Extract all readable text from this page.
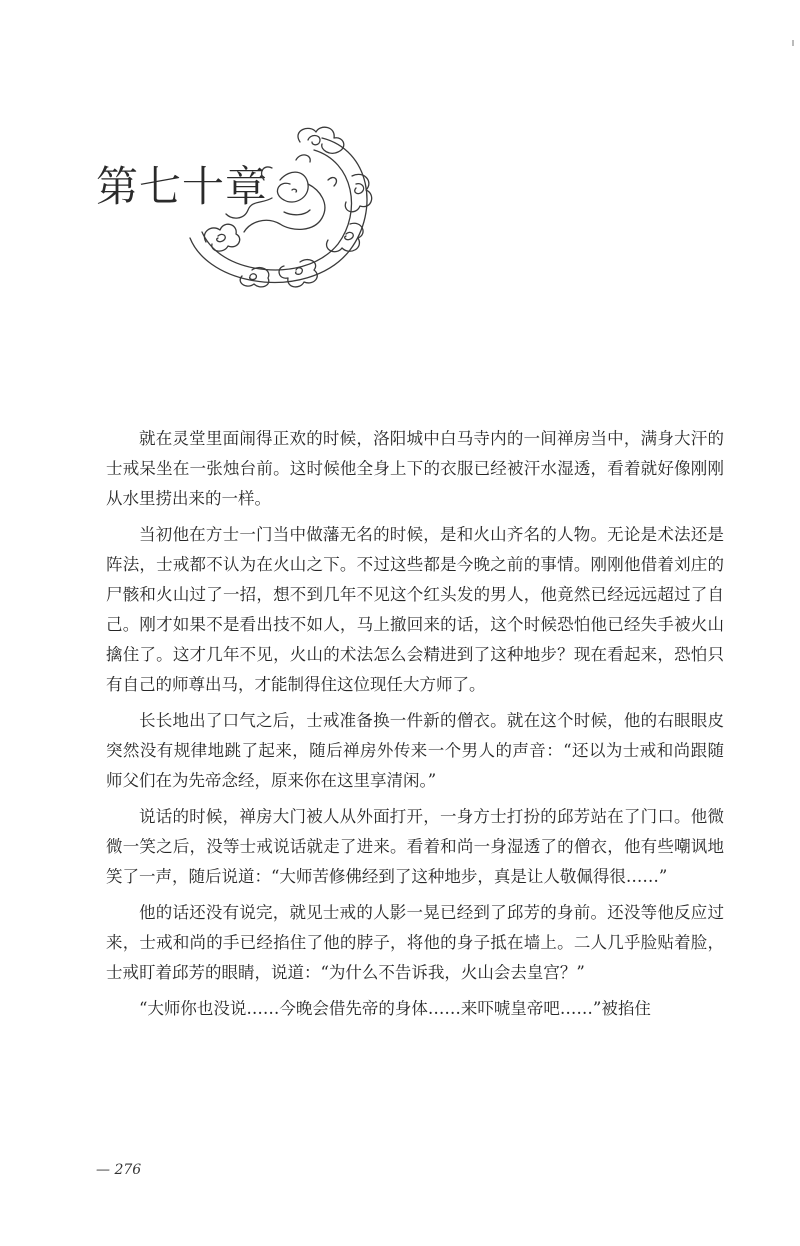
第七十章

就在灵堂里面闹得正欢的时候，洛阳城中白马寺内的一间禅房当中，满身大汗的士戒呆坐在一张烛台前。这时候他全身上下的衣服已经被汗水湿透，看着就好像刚刚从水里捞出来的一样。

当初他在方士一门当中做藩无名的时候，是和火山齐名的人物。无论是术法还是阵法，士戒都不认为在火山之下。不过这些都是今晚之前的事情。刚刚他借着刘庄的尸骸和火山过了一招，想不到几年不见这个红头发的男人，他竟然已经远远超过了自己。刚才如果不是看出技不如人，马上撤回来的话，这个时候恐怕他已经失手被火山擒住了。这才几年不见，火山的术法怎么会精进到了这种地步？现在看起来，恐怕只有自己的师尊出马，才能制得住这位现任大方师了。

长长地出了口气之后，士戒准备换一件新的僧衣。就在这个时候，他的右眼眼皮突然没有规律地跳了起来，随后禅房外传来一个男人的声音：“还以为士戒和尚跟随师父们在为先帝念经，原来你在这里享清闲。”

说话的时候，禅房大门被人从外面打开，一身方士打扮的邱芳站在了门口。他微微一笑之后，没等士戒说话就走了进来。看着和尚一身湿透了的僧衣，他有些嘲讽地笑了一声，随后说道：“大师苦修佛经到了这种地步，真是让人敬佩得很……”

他的话还没有说完，就见士戒的人影一晃已经到了邱芳的身前。还没等他反应过来，士戒和尚的手已经掐住了他的脖子，将他的身子抵在墙上。二人几乎脸贴着脸，士戒盯着邱芳的眼睛，说道：“为什么不告诉我，火山会去皇宫？”

“大师你也没说……今晚会借先帝的身体……来吓唬皇帝吧……”被掐住

— 276
